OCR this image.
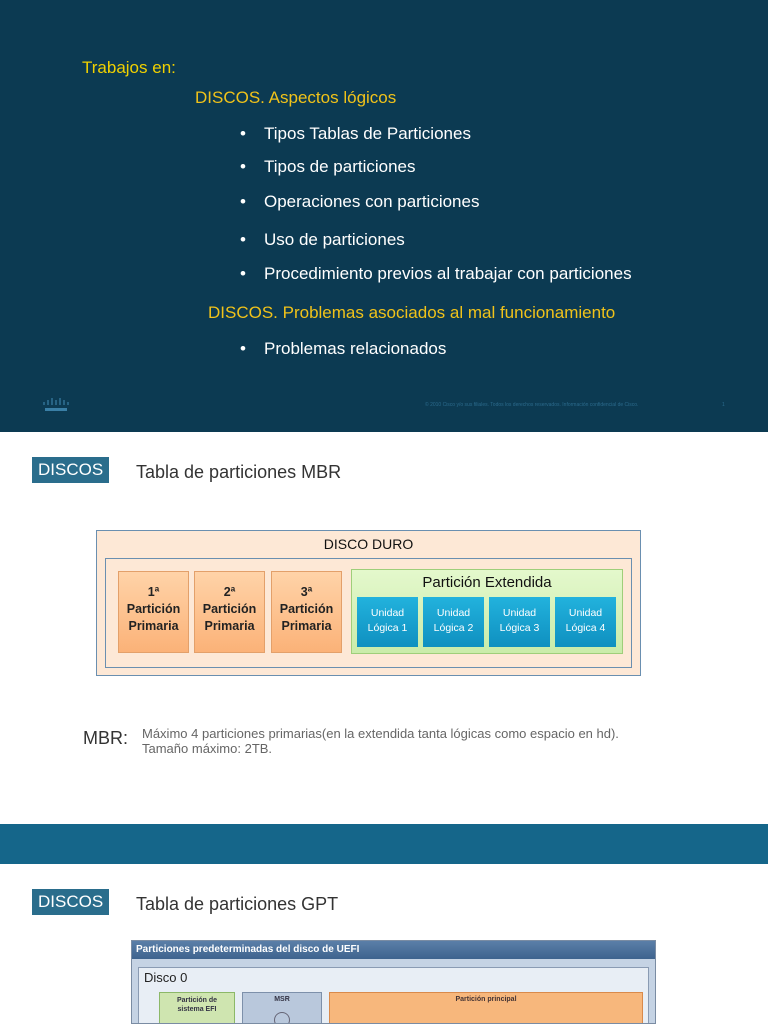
Trabajos en:
DISCOS. Aspectos lógicos
• Tipos Tablas de Particiones
• Tipos de particiones
• Operaciones con particiones
• Uso de particiones
• Procedimiento previos al trabajar con particiones
DISCOS. Problemas asociados al mal funcionamiento
• Problemas relacionados
© 2010 Cisco y/o sus filiales. Todos los derechos reservados. Información confidencial de Cisco.	1
DISCOS	Tabla de particiones MBR
DISCO DURO
1ª
Partición
Primaria
2ª
Partición
Primaria
3ª
Partición
Primaria
Partición Extendida
Unidad
Lógica 1
Unidad
Lógica 2
Unidad
Lógica 3
Unidad
Lógica 4
MBR: Máximo 4 particiones primarias(en la extendida tanta lógicas como espacio en hd).
Tamaño máximo: 2TB.
DISCOS	Tabla de particiones GPT
Particiones predeterminadas del disco de UEFI
Disco 0
Partición de
sistema EFI
MSR	Partición principal
